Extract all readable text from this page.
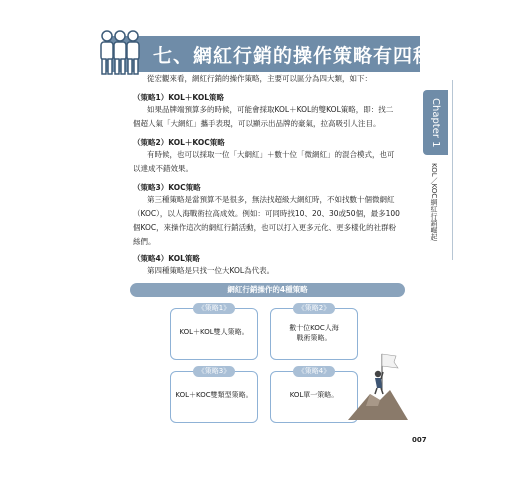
七、網紅行銷的操作策略有四種
Chapter 1
KOL／KOC網紅行銷崛起
從宏觀來看，網紅行銷的操作策略，主要可以區分為四大類，如下：
（策略1）KOL＋KOL策略
如果品牌端預算多的時候，可能會採取KOL＋KOL的雙KOL策略，即：找二
個超人氣「大網紅」攜手表現，可以顯示出品牌的豪氣，拉高吸引人注目。
（策略2）KOL＋KOC策略
有時候，也可以採取一位「大網紅」＋數十位「微網紅」的混合模式，也可
以達成不錯效果。
（策略3）KOC策略
第三種策略是當預算不是很多，無法找超級大網紅時，不如找數十個微網紅
（KOC），以人海戰術拉高成效。例如：可同時找10、20、30或50個，最多100
個KOC，來操作這次的網紅行銷活動，也可以打入更多元化、更多樣化的社群粉
絲們。
（策略4）KOL策略
第四種策略是只找一位大KOL為代表。
網紅行銷操作的4種策略
《策略1》
KOL＋KOL雙人策略。
《策略2》
數十位KOC人海
戰術策略。
《策略3》
KOL＋KOC雙類型策略。
《策略4》
KOL單一策略。
007
